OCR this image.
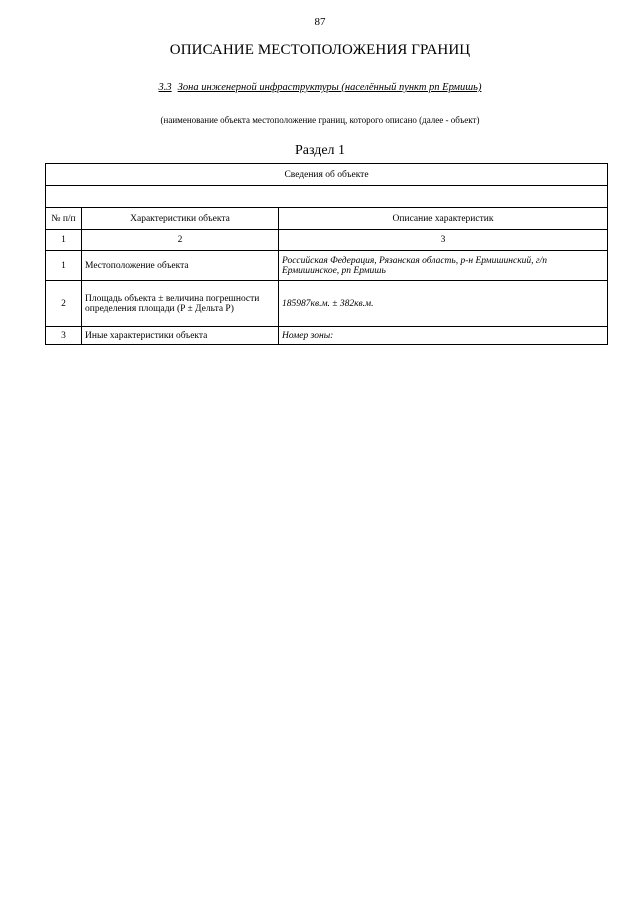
87
ОПИСАНИЕ МЕСТОПОЛОЖЕНИЯ ГРАНИЦ
3.3 Зона инженерной инфраструктуры (населённый пункт рп Ермишь)
(наименование объекта местоположение границ, которого описано (далее - объект)
Раздел 1
Сведения об объекте		

№ п/п	Характеристики объекта	Описание характеристик
1	2	3
1	Местоположение объекта	Российская Федерация, Рязанская область, р-н Ермишинский, г/п Ермишинское, рп Ермишь
2	Площадь объекта ± величина погрешности определения площади (P ± Дельта P)	185987кв.м. ± 382кв.м.
3	Иные характеристики объекта	Номер зоны:
